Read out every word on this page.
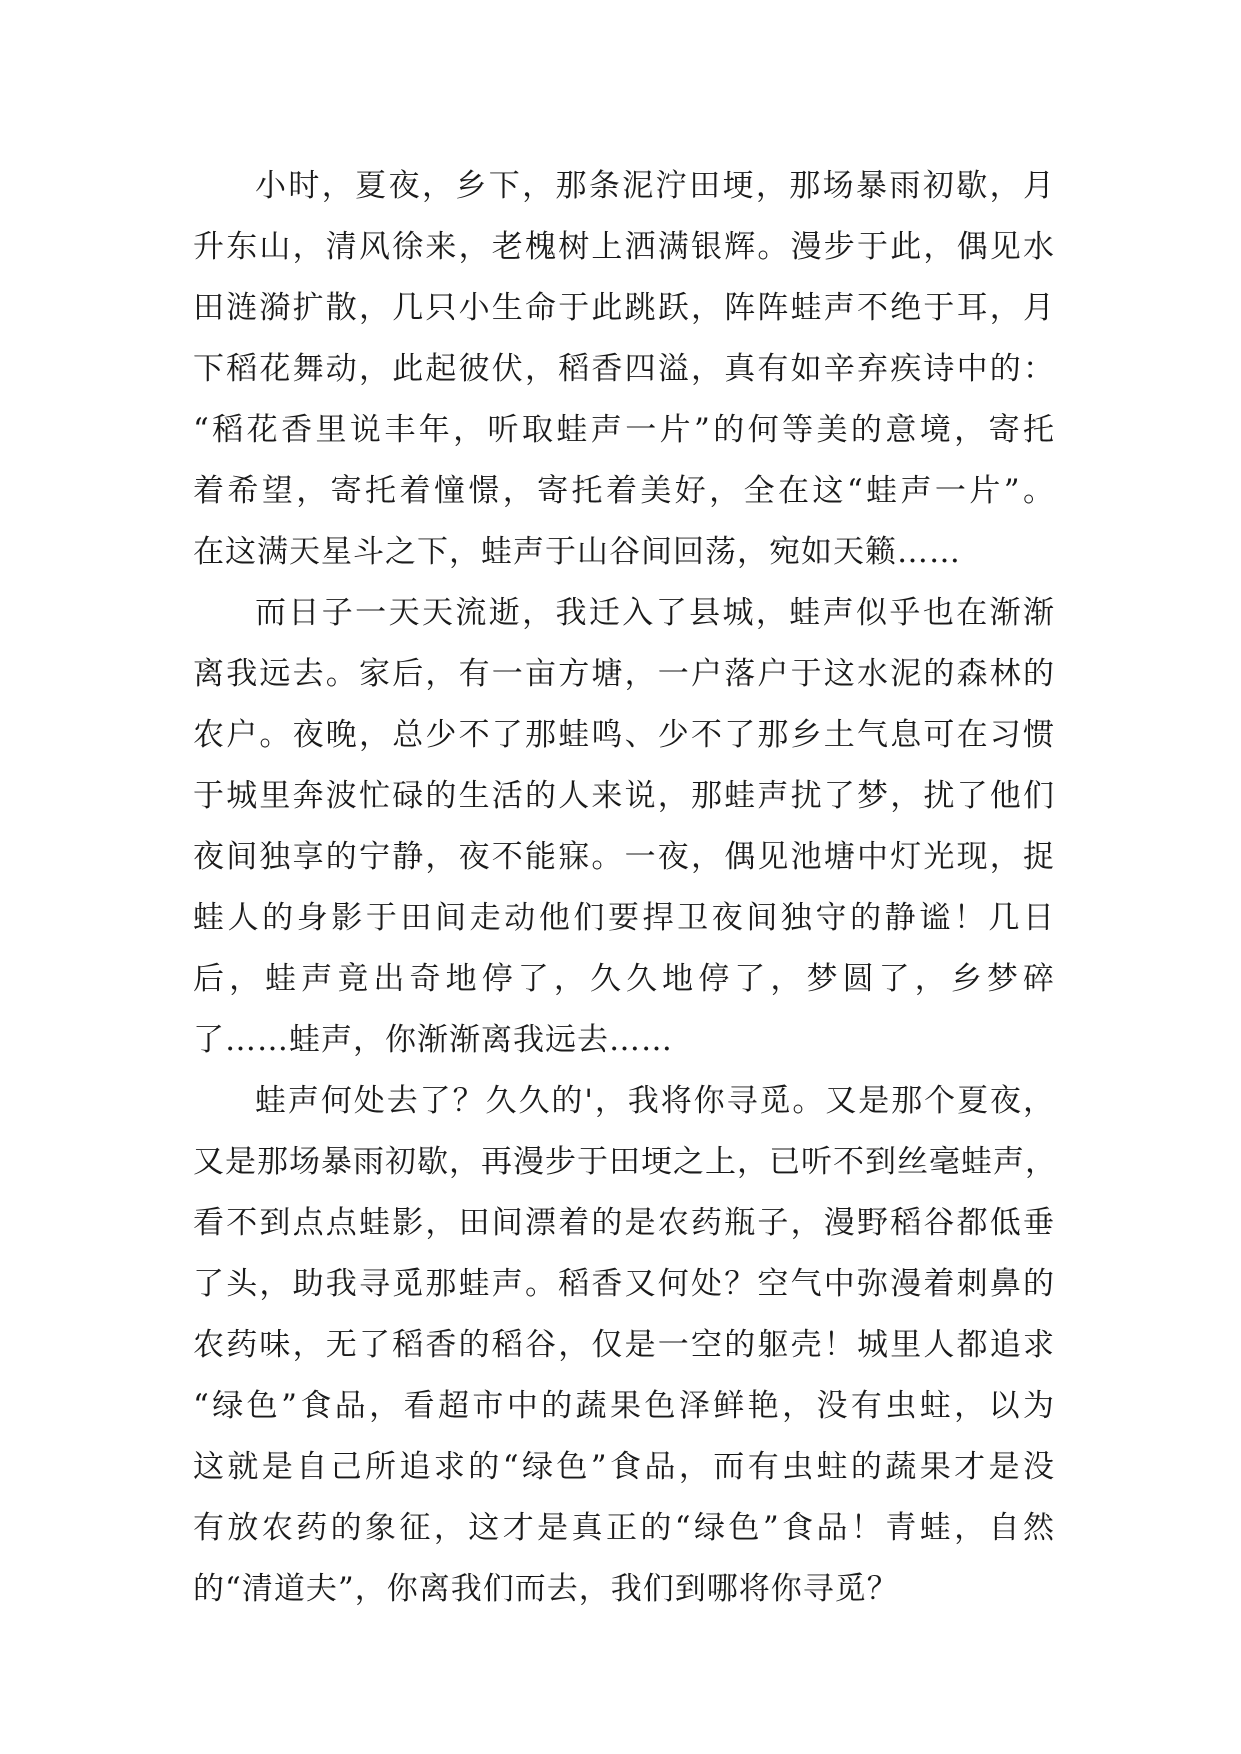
小时，夏夜，乡下，那条泥泞田埂，那场暴雨初歇，月
升东山，清风徐来，老槐树上洒满银辉。漫步于此，偶见水
田涟漪扩散，几只小生命于此跳跃，阵阵蛙声不绝于耳，月
下稻花舞动，此起彼伏，稻香四溢，真有如辛弃疾诗中的：
“稻花香里说丰年，听取蛙声一片”的何等美的意境，寄托
着希望，寄托着憧憬，寄托着美好，全在这“蛙声一片”。
在这满天星斗之下，蛙声于山谷间回荡，宛如天籁……
而日子一天天流逝，我迁入了县城，蛙声似乎也在渐渐
离我远去。家后，有一亩方塘，一户落户于这水泥的森林的
农户。夜晚，总少不了那蛙鸣、少不了那乡土气息可在习惯
于城里奔波忙碌的生活的人来说，那蛙声扰了梦，扰了他们
夜间独享的宁静，夜不能寐。一夜，偶见池塘中灯光现，捉
蛙人的身影于田间走动他们要捍卫夜间独守的静谧！几日
后，蛙声竟出奇地停了，久久地停了，梦圆了，乡梦碎
了……蛙声，你渐渐离我远去……
蛙声何处去了？久久的'，我将你寻觅。又是那个夏夜，
又是那场暴雨初歇，再漫步于田埂之上，已听不到丝毫蛙声，
看不到点点蛙影，田间漂着的是农药瓶子，漫野稻谷都低垂
了头，助我寻觅那蛙声。稻香又何处？空气中弥漫着刺鼻的
农药味，无了稻香的稻谷，仅是一空的躯壳！城里人都追求
“绿色”食品，看超市中的蔬果色泽鲜艳，没有虫蛀，以为
这就是自己所追求的“绿色”食品，而有虫蛀的蔬果才是没
有放农药的象征，这才是真正的“绿色”食品！青蛙，自然
的“清道夫”，你离我们而去，我们到哪将你寻觅？
